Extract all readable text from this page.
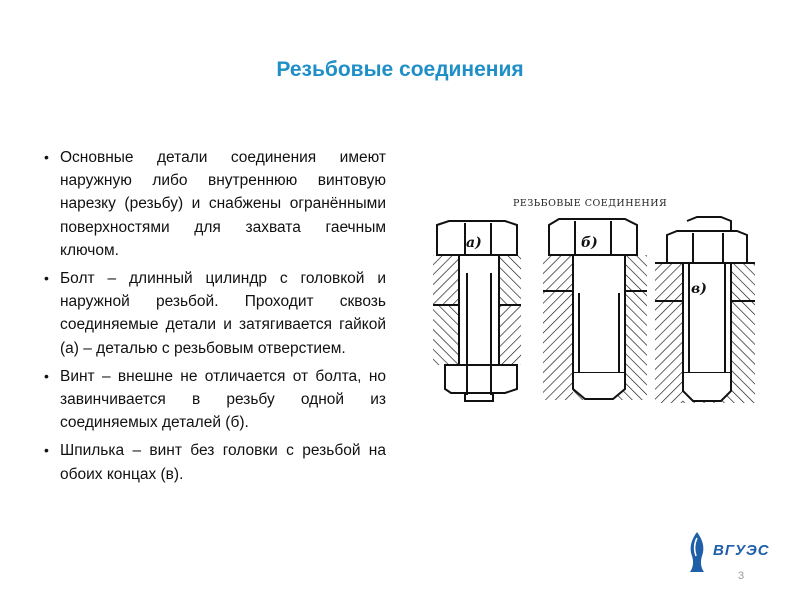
Резьбовые соединения
• Основные детали соединения имеют наружную либо внутреннюю винтовую нарезку (резьбу) и снабжены огранёнными поверхностями для захвата гаечным ключом.
• Болт – длинный цилиндр с головкой и наружной резьбой. Проходит сквозь соединяемые детали и затягивается гайкой (а) – деталью с резьбовым отверстием.
• Винт – внешне не отличается от болта, но завинчивается в резьбу одной из соединяемых деталей (б).
• Шпилька – винт без головки с резьбой на обоих концах (в).
РЕЗЬБОВЫЕ СОЕДИНЕНИЯ
а)	б)
в)
ВГУЭС
3
